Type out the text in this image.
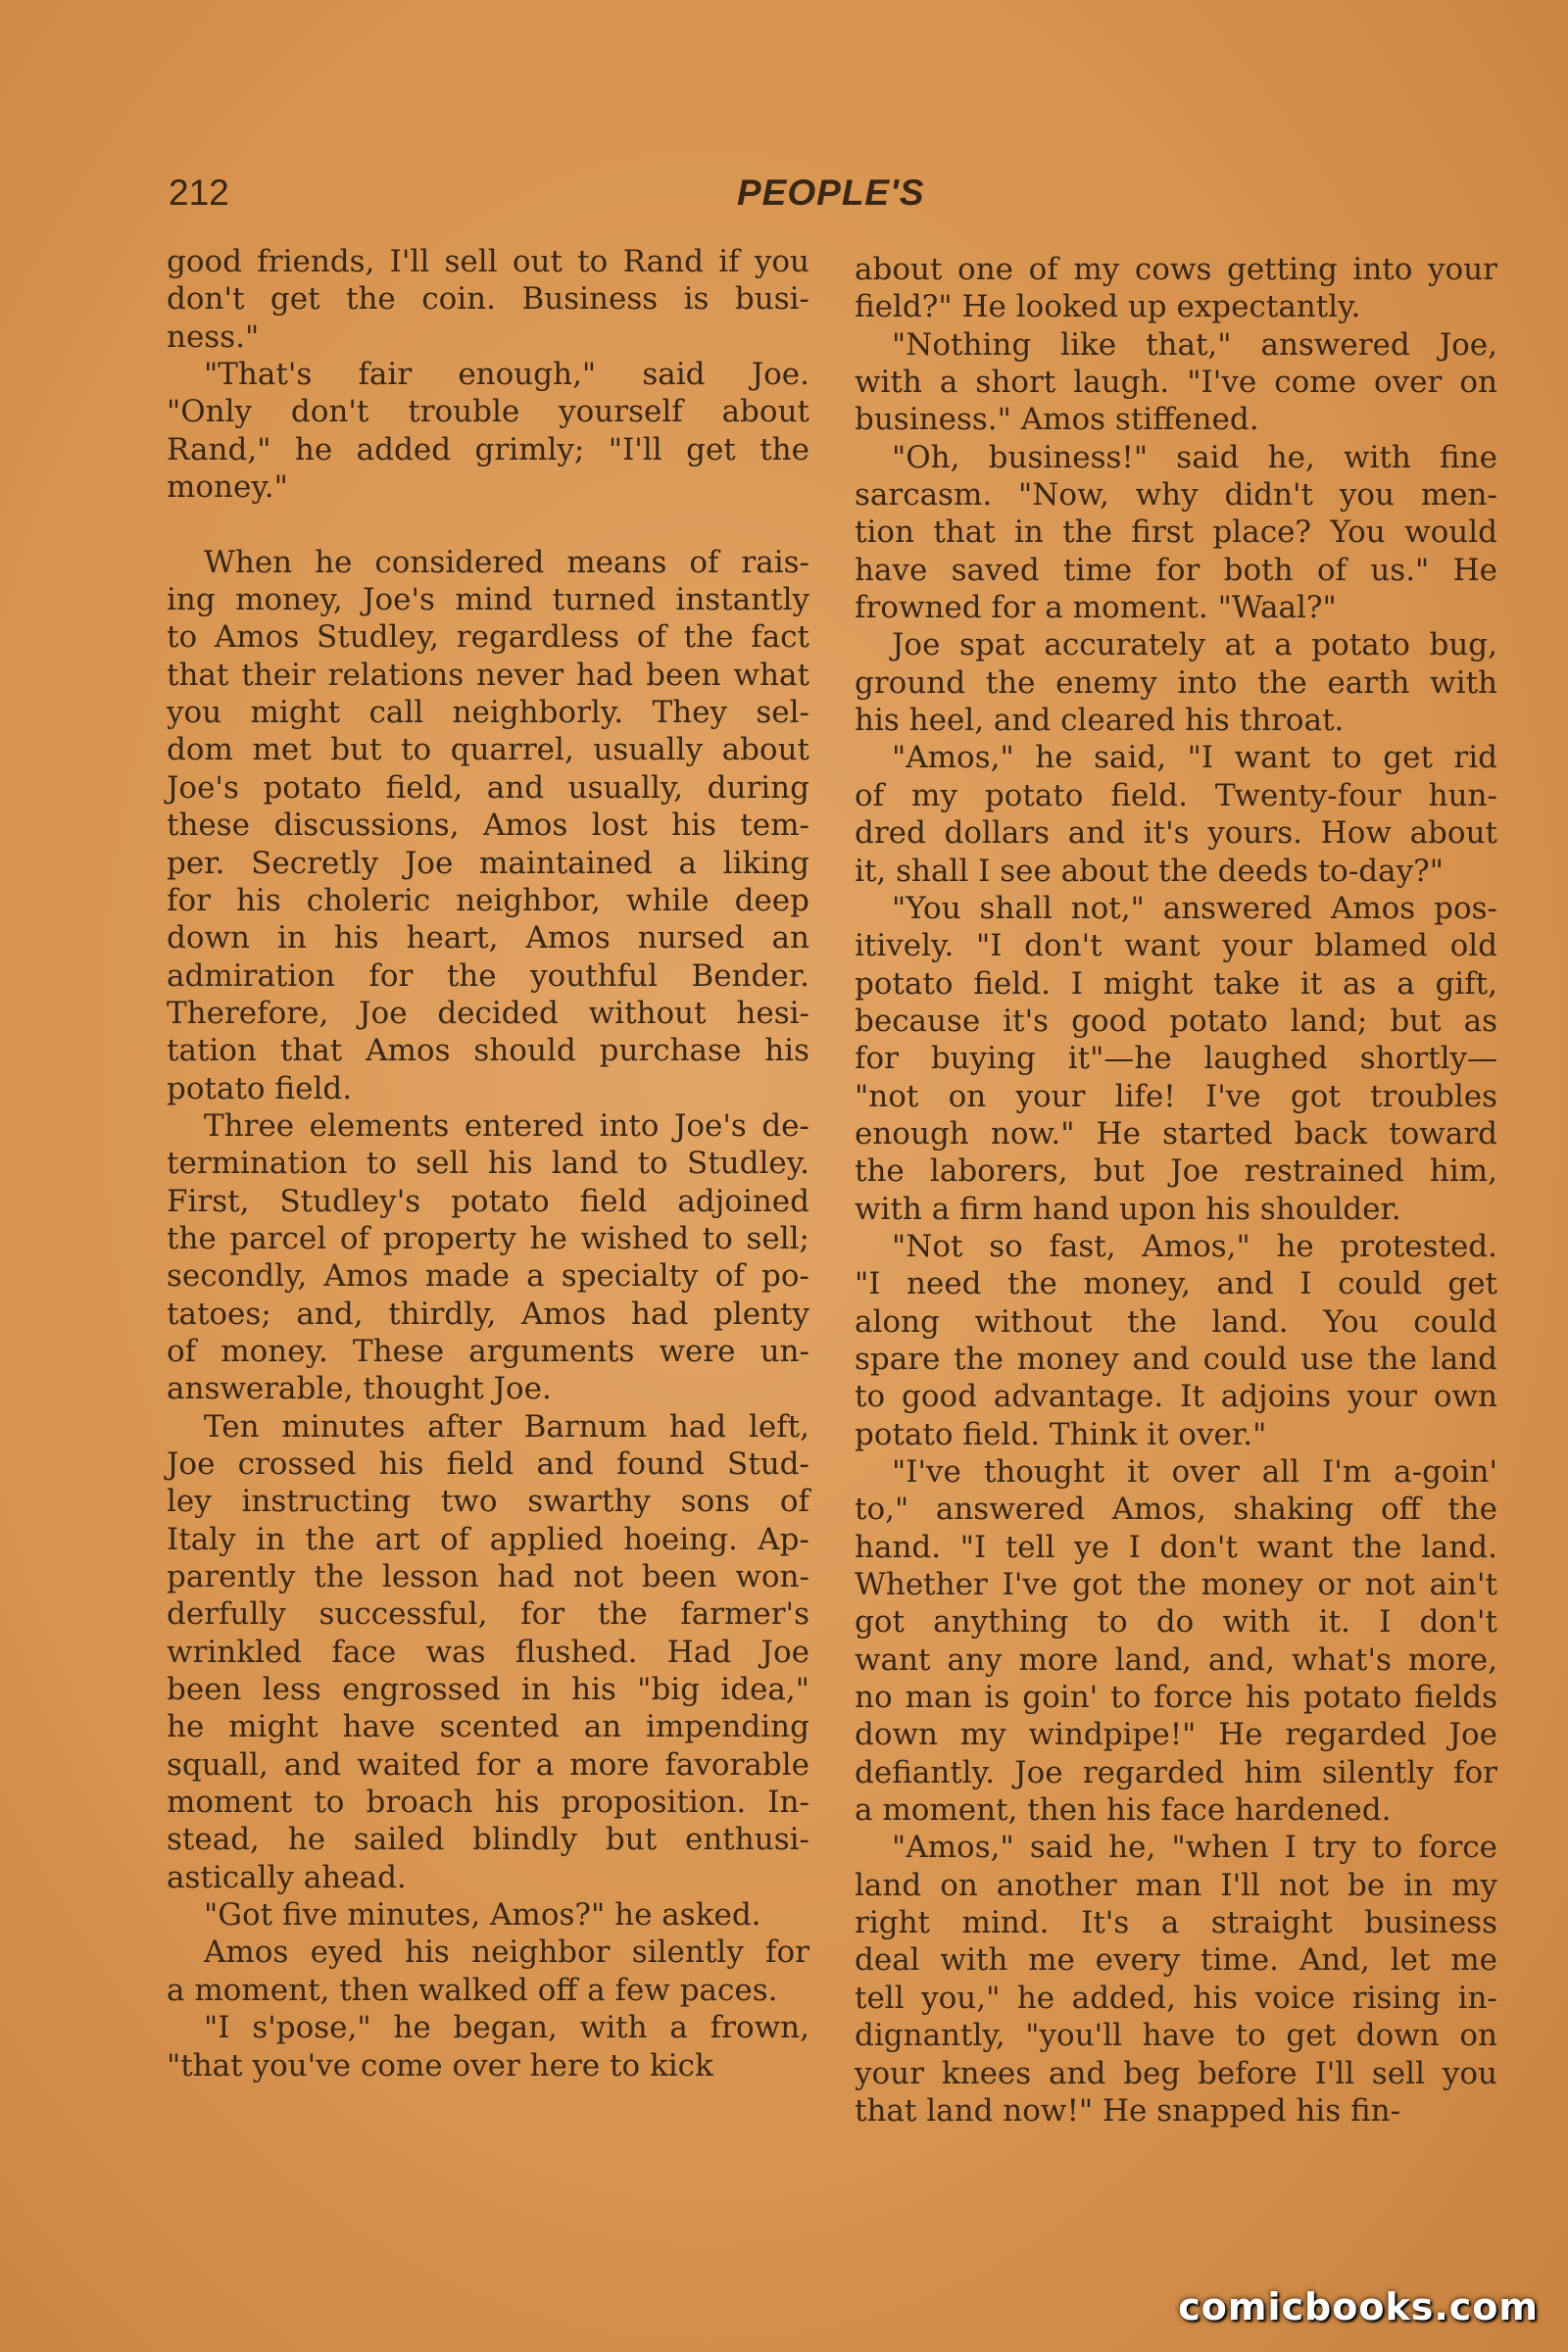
212	PEOPLE'S
good friends, I'll sell out to Rand if you
don't get the coin. Business is busi-
ness."
"That's fair enough," said Joe.
"Only don't trouble yourself about
Rand," he added grimly; "I'll get the
money."

When he considered means of rais-
ing money, Joe's mind turned instantly
to Amos Studley, regardless of the fact
that their relations never had been what
you might call neighborly. They sel-
dom met but to quarrel, usually about
Joe's potato field, and usually, during
these discussions, Amos lost his tem-
per. Secretly Joe maintained a liking
for his choleric neighbor, while deep
down in his heart, Amos nursed an
admiration for the youthful Bender.
Therefore, Joe decided without hesi-
tation that Amos should purchase his
potato field.
Three elements entered into Joe's de-
termination to sell his land to Studley.
First, Studley's potato field adjoined
the parcel of property he wished to sell;
secondly, Amos made a specialty of po-
tatoes; and, thirdly, Amos had plenty
of money. These arguments were un-
answerable, thought Joe.
Ten minutes after Barnum had left,
Joe crossed his field and found Stud-
ley instructing two swarthy sons of
Italy in the art of applied hoeing. Ap-
parently the lesson had not been won-
derfully successful, for the farmer's
wrinkled face was flushed. Had Joe
been less engrossed in his "big idea,"
he might have scented an impending
squall, and waited for a more favorable
moment to broach his proposition. In-
stead, he sailed blindly but enthusi-
astically ahead.
"Got five minutes, Amos?" he asked.
Amos eyed his neighbor silently for
a moment, then walked off a few paces.
"I s'pose," he began, with a frown,
"that you've come over here to kick
about one of my cows getting into your
field?" He looked up expectantly.
"Nothing like that," answered Joe,
with a short laugh. "I've come over on
business." Amos stiffened.
"Oh, business!" said he, with fine
sarcasm. "Now, why didn't you men-
tion that in the first place? You would
have saved time for both of us." He
frowned for a moment. "Waal?"
Joe spat accurately at a potato bug,
ground the enemy into the earth with
his heel, and cleared his throat.
"Amos," he said, "I want to get rid
of my potato field. Twenty-four hun-
dred dollars and it's yours. How about
it, shall I see about the deeds to-day?"
"You shall not," answered Amos pos-
itively. "I don't want your blamed old
potato field. I might take it as a gift,
because it's good potato land; but as
for buying it"—he laughed shortly—
"not on your life! I've got troubles
enough now." He started back toward
the laborers, but Joe restrained him,
with a firm hand upon his shoulder.
"Not so fast, Amos," he protested.
"I need the money, and I could get
along without the land. You could
spare the money and could use the land
to good advantage. It adjoins your own
potato field. Think it over."
"I've thought it over all I'm a-goin'
to," answered Amos, shaking off the
hand. "I tell ye I don't want the land.
Whether I've got the money or not ain't
got anything to do with it. I don't
want any more land, and, what's more,
no man is goin' to force his potato fields
down my windpipe!" He regarded Joe
defiantly. Joe regarded him silently for
a moment, then his face hardened.
"Amos," said he, "when I try to force
land on another man I'll not be in my
right mind. It's a straight business
deal with me every time. And, let me
tell you," he added, his voice rising in-
dignantly, "you'll have to get down on
your knees and beg before I'll sell you
that land now!" He snapped his fin-
comicbooks.com
